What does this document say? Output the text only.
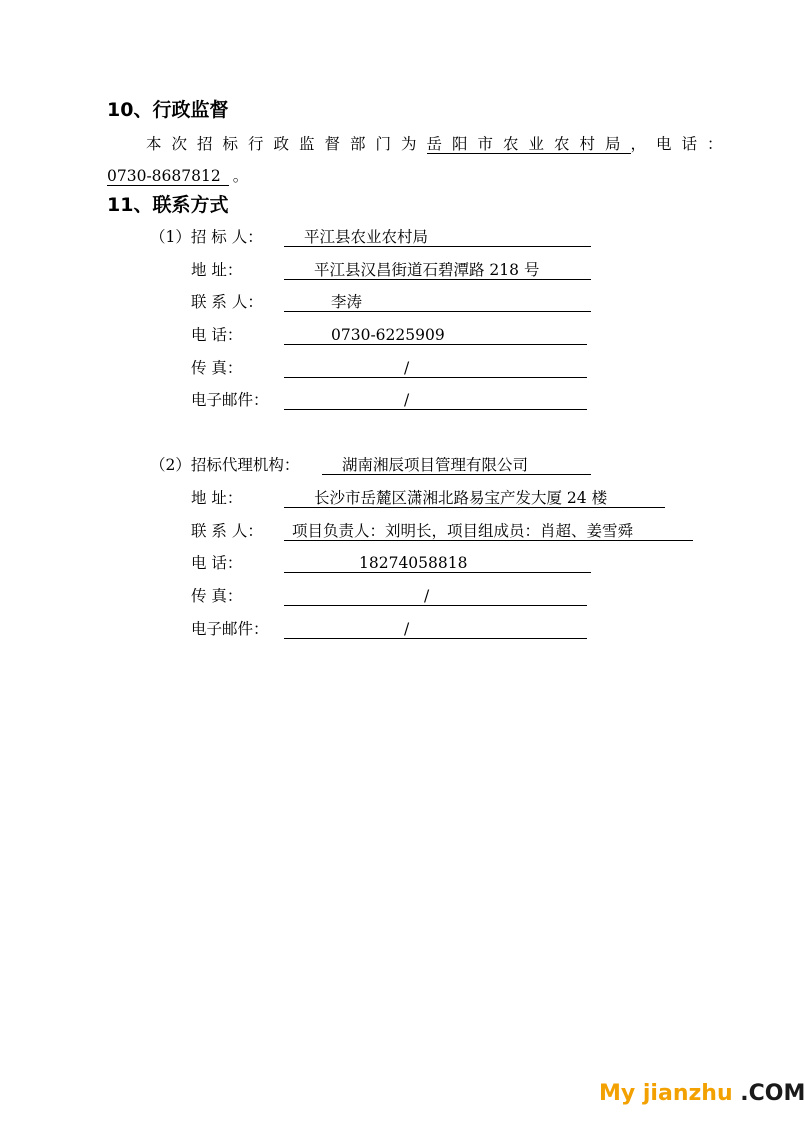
10、行政监督
本次招标行政监督部门为岳阳市农业农村局，电话：
0730-8687812 。
11、联系方式
（1）招 标 人：	平江县农业农村局
地 址：	平江县汉昌街道石碧潭路 218 号
联 系 人：	李涛
电 话：	0730-6225909
传 真：	/
电子邮件：	/
（2）招标代理机构：	湖南湘辰项目管理有限公司
地 址：	长沙市岳麓区潇湘北路易宝产发大厦 24 楼
联 系 人： 项目负责人：刘明长，项目组成员：肖超、姜雪舜
电 话：	18274058818
传 真：	/
电子邮件：	/
My jianzhu .COM
